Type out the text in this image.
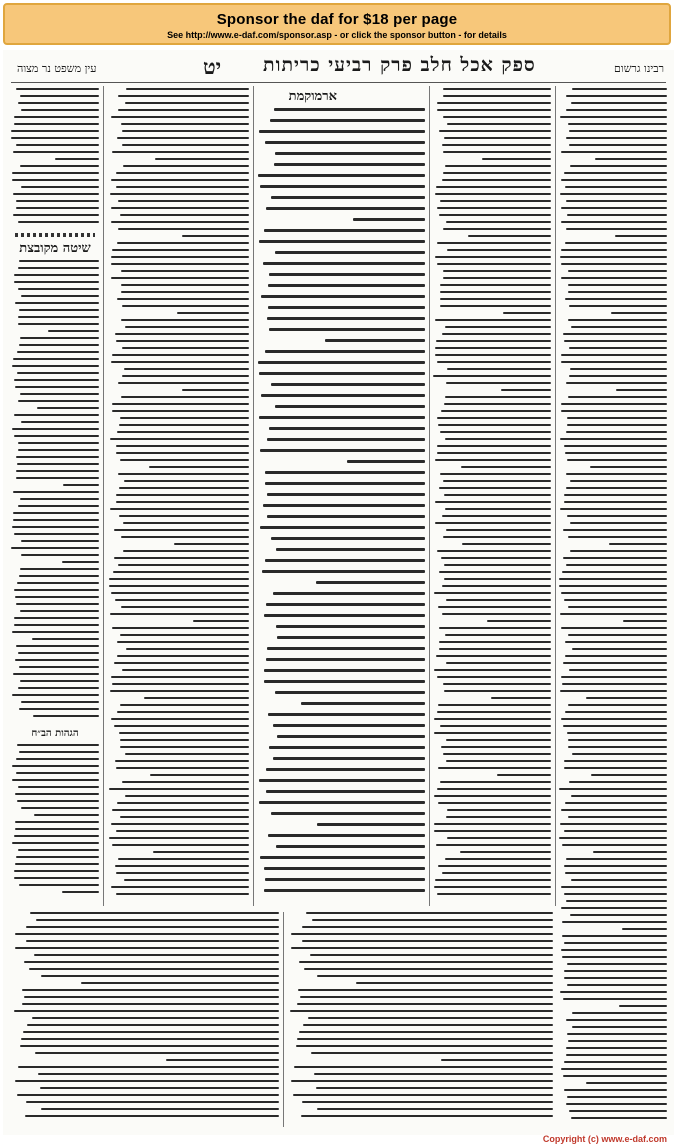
Sponsor the daf for $18 per page
See http://www.e-daf.com/sponsor.asp - or click the sponsor button - for details
עין משפט נר מצוה	יט ספק אכל חלב פרק רביעי כריתות	רבינו גרשום
שיטה מקובצת
הגהות הב״ח
ארמוקמת
Copyright (c) www.e-daf.com
